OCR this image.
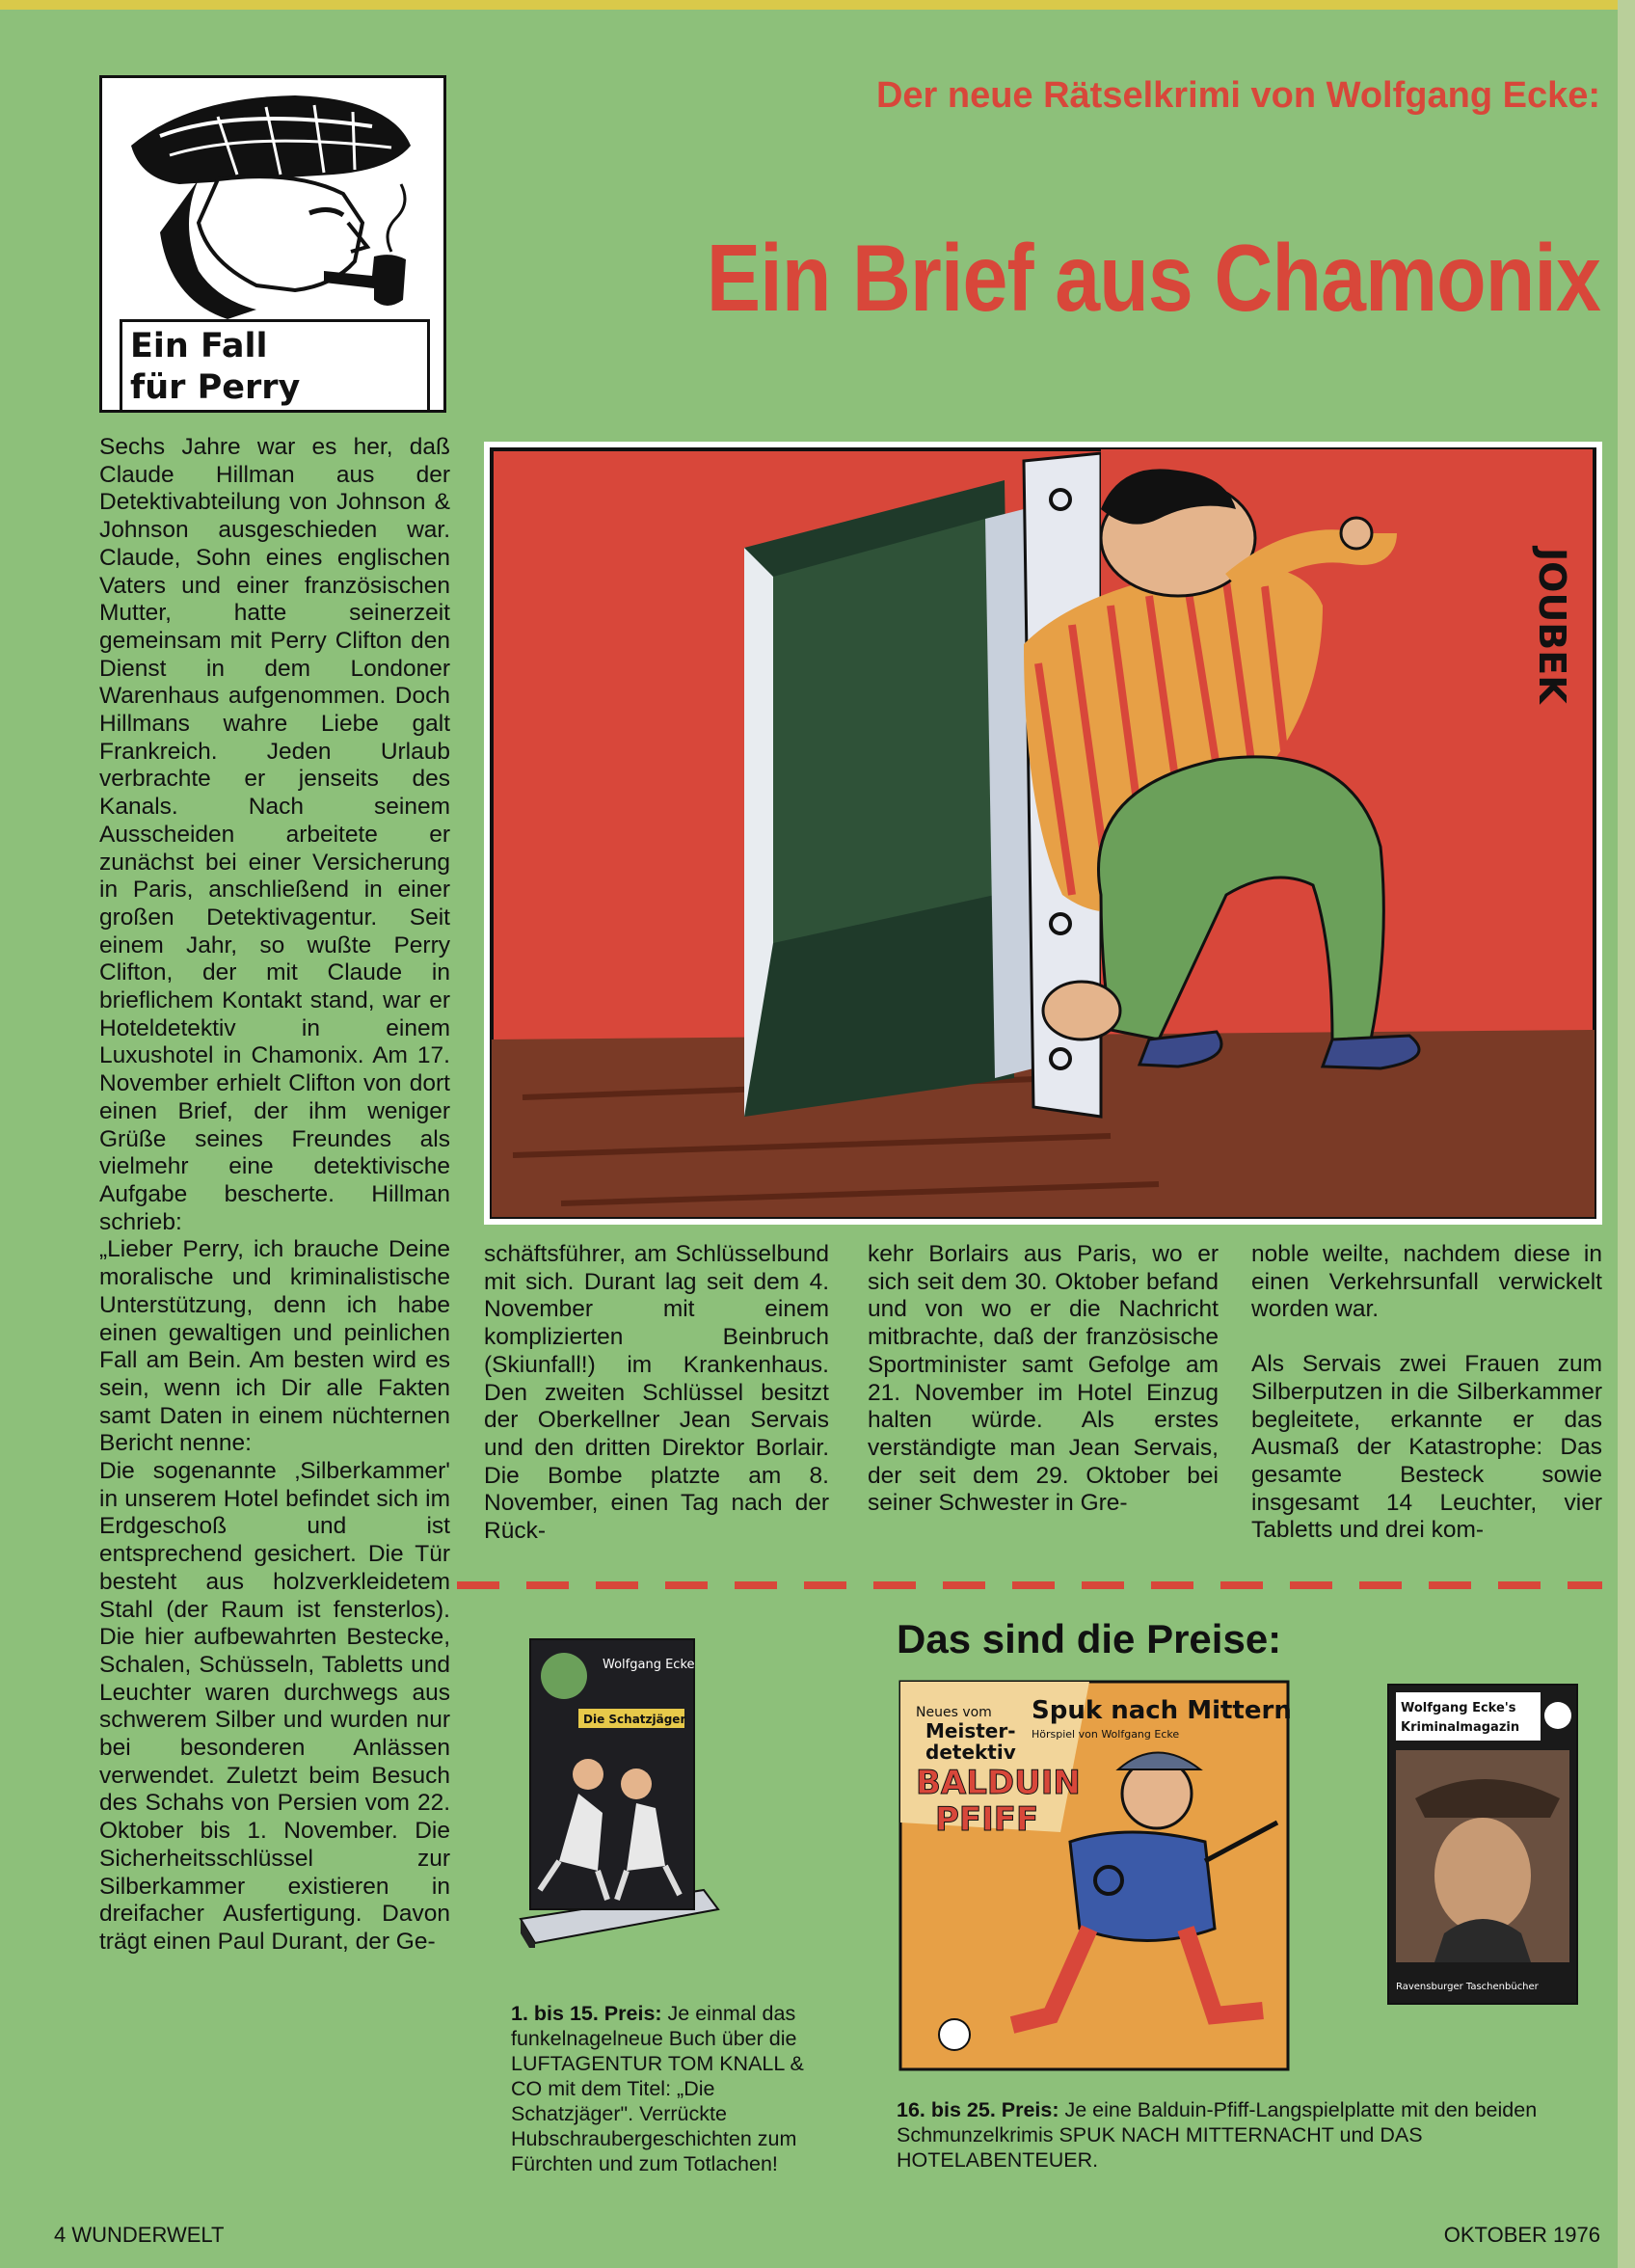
Ein Fall
für Perry
Der neue Rätselkrimi von Wolfgang Ecke:
Ein Brief aus Chamonix
JOUBEK

Sechs Jahre war es her, daß Claude Hillman aus der Detektivabteilung von Johnson & Johnson ausgeschieden war. Claude, Sohn eines englischen Vaters und einer französischen Mutter, hatte seinerzeit gemeinsam mit Perry Clifton den Dienst in dem Londoner Warenhaus aufgenommen. Doch Hillmans wahre Liebe galt Frankreich. Jeden Urlaub verbrachte er jenseits des Kanals. Nach seinem Ausscheiden arbeitete er zunächst bei einer Versicherung in Paris, anschließend in einer großen Detektivagentur. Seit einem Jahr, so wußte Perry Clifton, der mit Claude in brieflichem Kontakt stand, war er Hoteldetektiv in einem Luxushotel in Chamonix. Am 17. November erhielt Clifton von dort einen Brief, der ihm weniger Grüße seines Freundes als vielmehr eine detektivische Aufgabe bescherte. Hillman schrieb:

„Lieber Perry, ich brauche Deine moralische und kriminalistische Unterstützung, denn ich habe einen gewaltigen und peinlichen Fall am Bein. Am besten wird es sein, wenn ich Dir alle Fakten samt Daten in einem nüchternen Bericht nenne:

Die sogenannte ‚Silberkammer' in unserem Hotel befindet sich im Erdgeschoß und ist entsprechend gesichert. Die Tür besteht aus holzverkleidetem Stahl (der Raum ist fensterlos). Die hier aufbewahrten Bestecke, Schalen, Schüsseln, Tabletts und Leuchter waren durchwegs aus schwerem Silber und wurden nur bei besonderen Anlässen verwendet. Zuletzt beim Besuch des Schahs von Persien vom 22. Oktober bis 1. November. Die Sicherheitsschlüssel zur Silberkammer existieren in dreifacher Ausfertigung. Davon trägt einen Paul Durant, der Ge-

schäftsführer, am Schlüsselbund mit sich. Durant lag seit dem 4. November mit einem komplizierten Beinbruch (Skiunfall!) im Krankenhaus. Den zweiten Schlüssel besitzt der Oberkellner Jean Servais und den dritten Direktor Borlair. Die Bombe platzte am 8. November, einen Tag nach der Rück-

kehr Borlairs aus Paris, wo er sich seit dem 30. Oktober befand und von wo er die Nachricht mitbrachte, daß der französische Sportminister samt Gefolge am 21. November im Hotel Einzug halten würde. Als erstes verständigte man Jean Servais, der seit dem 29. Oktober bei seiner Schwester in Gre-

noble weilte, nachdem diese in einen Verkehrsunfall verwickelt worden war.

Als Servais zwei Frauen zum Silberputzen in die Silberkammer begleitete, erkannte er das Ausmaß der Katastrophe: Das gesamte Besteck sowie insgesamt 14 Leuchter, vier Tabletts und drei kom-

Das sind die Preise:
Wolfgang Ecke
Die Schatzjäger
1. bis 15. Preis: Je einmal das funkelnagelneue Buch über die LUFTAGENTUR TOM KNALL & CO mit dem Titel: „Die Schatzjäger". Verrückte Hubschraubergeschichten zum Fürchten und zum Totlachen!
Spuk nach Mittern
Hörspiel von Wolfgang Ecke
Neues vom
Meister-
detektiv
BALDUIN
PFIFF
Wolfgang Ecke's
Kriminalmagazin
Ravensburger Taschenbücher
16. bis 25. Preis: Je eine Balduin-Pfiff-Langspielplatte mit den beiden Schmunzelkrimis SPUK NACH MITTERNACHT und DAS HOTELABENTEUER.
4 WUNDERWELT	OKTOBER 1976
